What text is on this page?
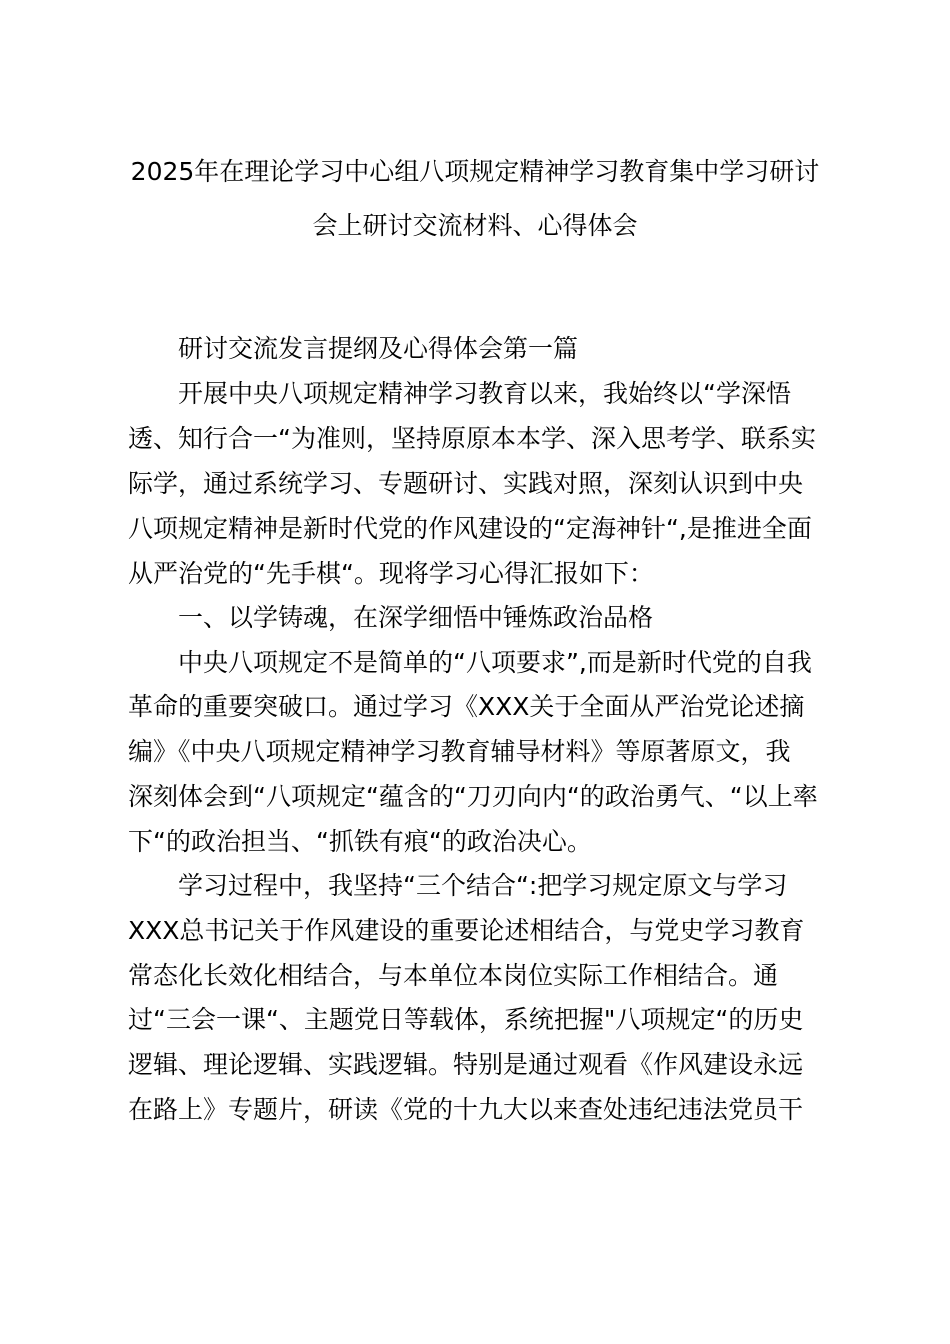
2025年在理论学习中心组八项规定精神学习教育集中学习研讨
会上研讨交流材料、心得体会
研讨交流发言提纲及心得体会第一篇
开展中央八项规定精神学习教育以来，我始终以“学深悟
透、知行合一“为准则，坚持原原本本学、深入思考学、联系实
际学，通过系统学习、专题研讨、实践对照，深刻认识到中央
八项规定精神是新时代党的作风建设的“定海神针“,是推进全面
从严治党的“先手棋“。现将学习心得汇报如下：
一、以学铸魂，在深学细悟中锤炼政治品格
中央八项规定不是简单的“八项要求”,而是新时代党的自我
革命的重要突破口。通过学习《XXX关于全面从严治党论述摘
编》《中央八项规定精神学习教育辅导材料》等原著原文，我
深刻体会到“八项规定“蕴含的“刀刃向内“的政治勇气、“以上率
下“的政治担当、“抓铁有痕“的政治决心。
学习过程中，我坚持“三个结合“:把学习规定原文与学习
XXX总书记关于作风建设的重要论述相结合，与党史学习教育
常态化长效化相结合，与本单位本岗位实际工作相结合。通
过“三会一课“、主题党日等载体，系统把握"八项规定“的历史
逻辑、理论逻辑、实践逻辑。特别是通过观看《作风建设永远
在路上》专题片，研读《党的十九大以来查处违纪违法党员干
